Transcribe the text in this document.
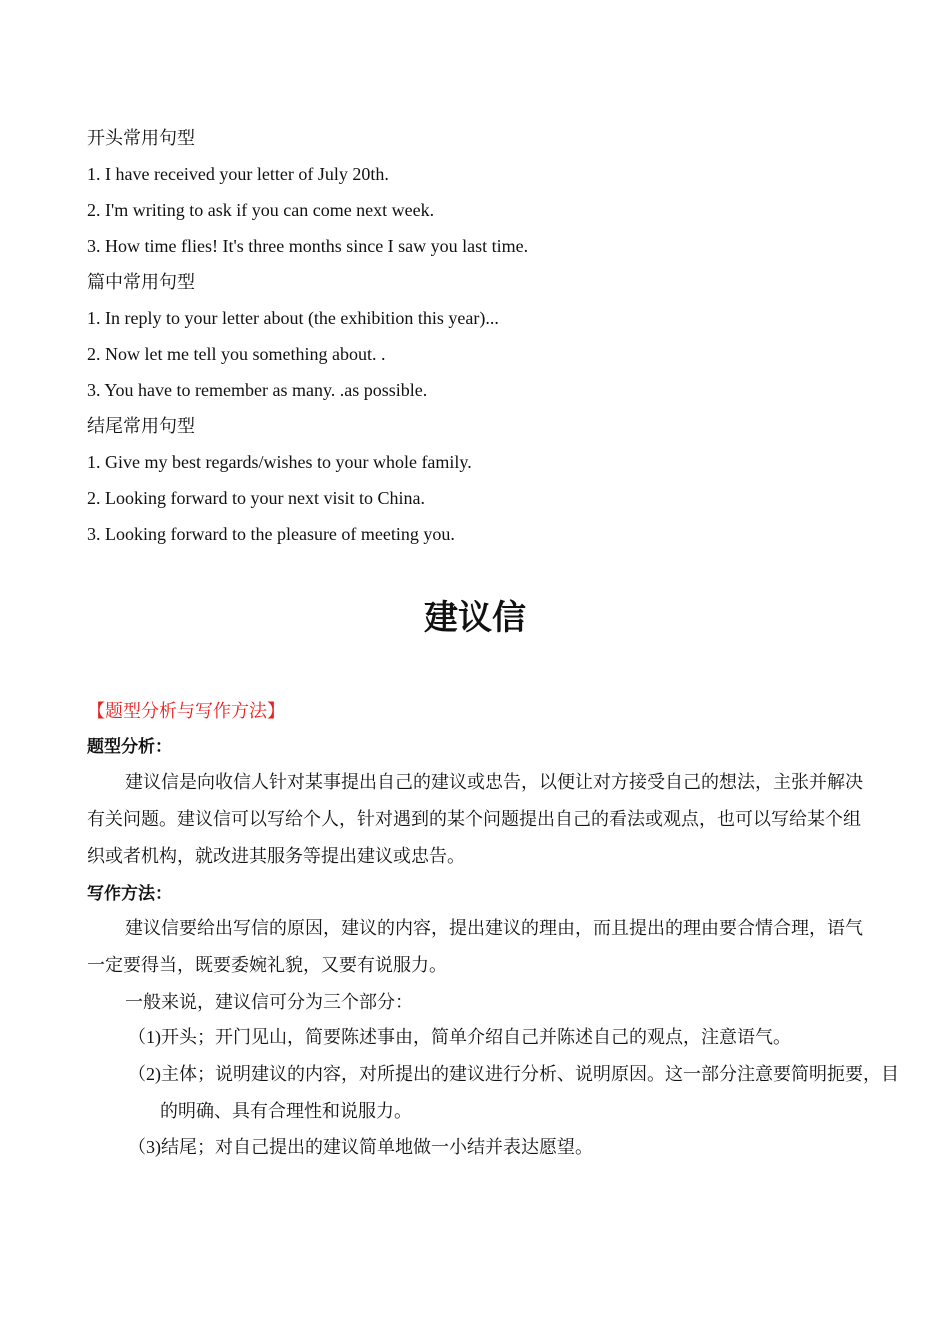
开头常用句型
1. I have received your letter of July 20th.
2. I'm writing to ask if you can come next week.
3. How time flies! It's three months since I saw you last time.
篇中常用句型
1. In reply to your letter about (the exhibition this year)...
2. Now let me tell you something about. .
3. You have to remember as many. .as possible.
结尾常用句型
1. Give my best regards/wishes to your whole family.
2. Looking forward to your next visit to China.
3. Looking forward to the pleasure of meeting you.
建议信
【题型分析与写作方法】
题型分析：
建议信是向收信人针对某事提出自己的建议或忠告，以便让对方接受自己的想法，主张并解决有关问题。建议信可以写给个人，针对遇到的某个问题提出自己的看法或观点，也可以写给某个组织或者机构，就改进其服务等提出建议或忠告。
写作方法：
建议信要给出写信的原因，建议的内容，提出建议的理由，而且提出的理由要合情合理，语气一定要得当，既要委婉礼貌，又要有说服力。
一般来说，建议信可分为三个部分：
（1)开头；开门见山，简要陈述事由，简单介绍自己并陈述自己的观点，注意语气。
（2)主体；说明建议的内容，对所提出的建议进行分析、说明原因。这一部分注意要简明扼要，目的明确、具有合理性和说服力。
（3)结尾；对自己提出的建议简单地做一小结并表达愿望。
